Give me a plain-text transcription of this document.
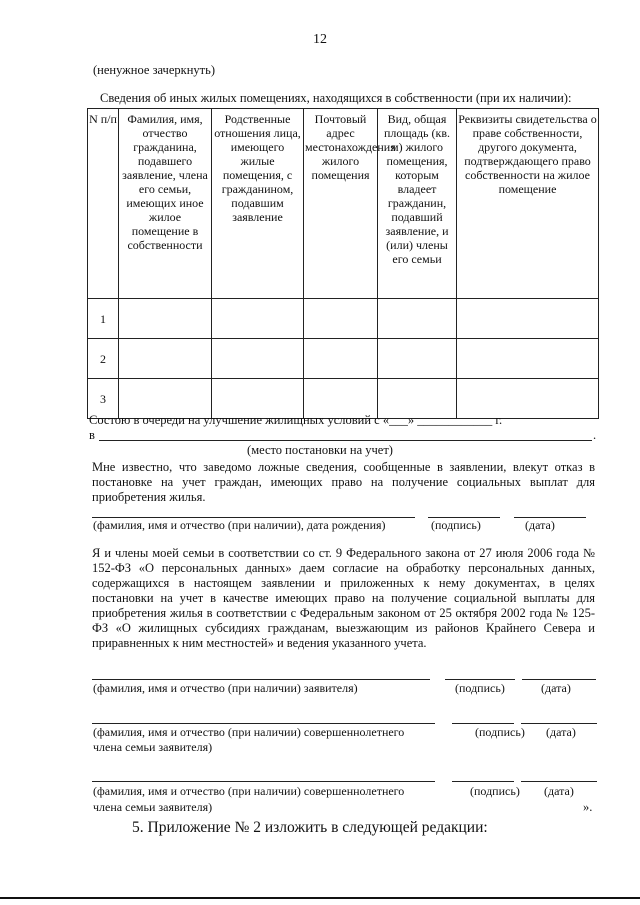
12
(ненужное зачеркнуть)
Сведения об иных жилых помещениях, находящихся в собственности (при их наличии):
N п/п	Фамилия, имя, отчество гражданина, подавшего заявление, члена его семьи, имеющих иное жилое помещение в собственности	Родственные отношения лица, имеющего жилые помещения, с гражданином, подавшим заявление	Почтовый адрес местонахождения жилого помещения	Вид, общая площадь (кв. м) жилого помещения, которым владеет гражданин, подавший заявление, и (или) члены его семьи	Реквизиты свидетельства о праве собственности, другого документа, подтверждающего право собственности на жилое помещение
1					
2					
3					
Состою в очереди на улучшение жилищных условий с «___» ____________ г.
в	.
(место постановки на учет)
Мне известно, что заведомо ложные сведения, сообщенные в заявлении, влекут отказ в постановке на учет граждан, имеющих право на получение социальных выплат для приобретения жилья.
(фамилия, имя и отчество (при наличии), дата рождения)	(подпись)	(дата)
Я и члены моей семьи в соответствии со ст. 9 Федерального закона от 27 июля 2006 года № 152-ФЗ «О персональных данных» даем согласие на обработку персональных данных, содержащихся в настоящем заявлении и приложенных к нему документах, в целях постановки на учет в качестве имеющих право на получение социальной выплаты для приобретения жилья в соответствии с Федеральным законом от 25 октября 2002 года № 125-ФЗ «О жилищных субсидиях гражданам, выезжающим из районов Крайнего Севера и приравненных к ним местностей» и ведения указанного учета.
(фамилия, имя и отчество (при наличии) заявителя)	(подпись)	(дата)
(фамилия, имя и отчество (при наличии) совершеннолетнего
члена семьи заявителя)
(подпись) (дата)
(фамилия, имя и отчество (при наличии) совершеннолетнего
члена семьи заявителя)
(подпись) (дата)
».
5. Приложение № 2 изложить в следующей редакции:
